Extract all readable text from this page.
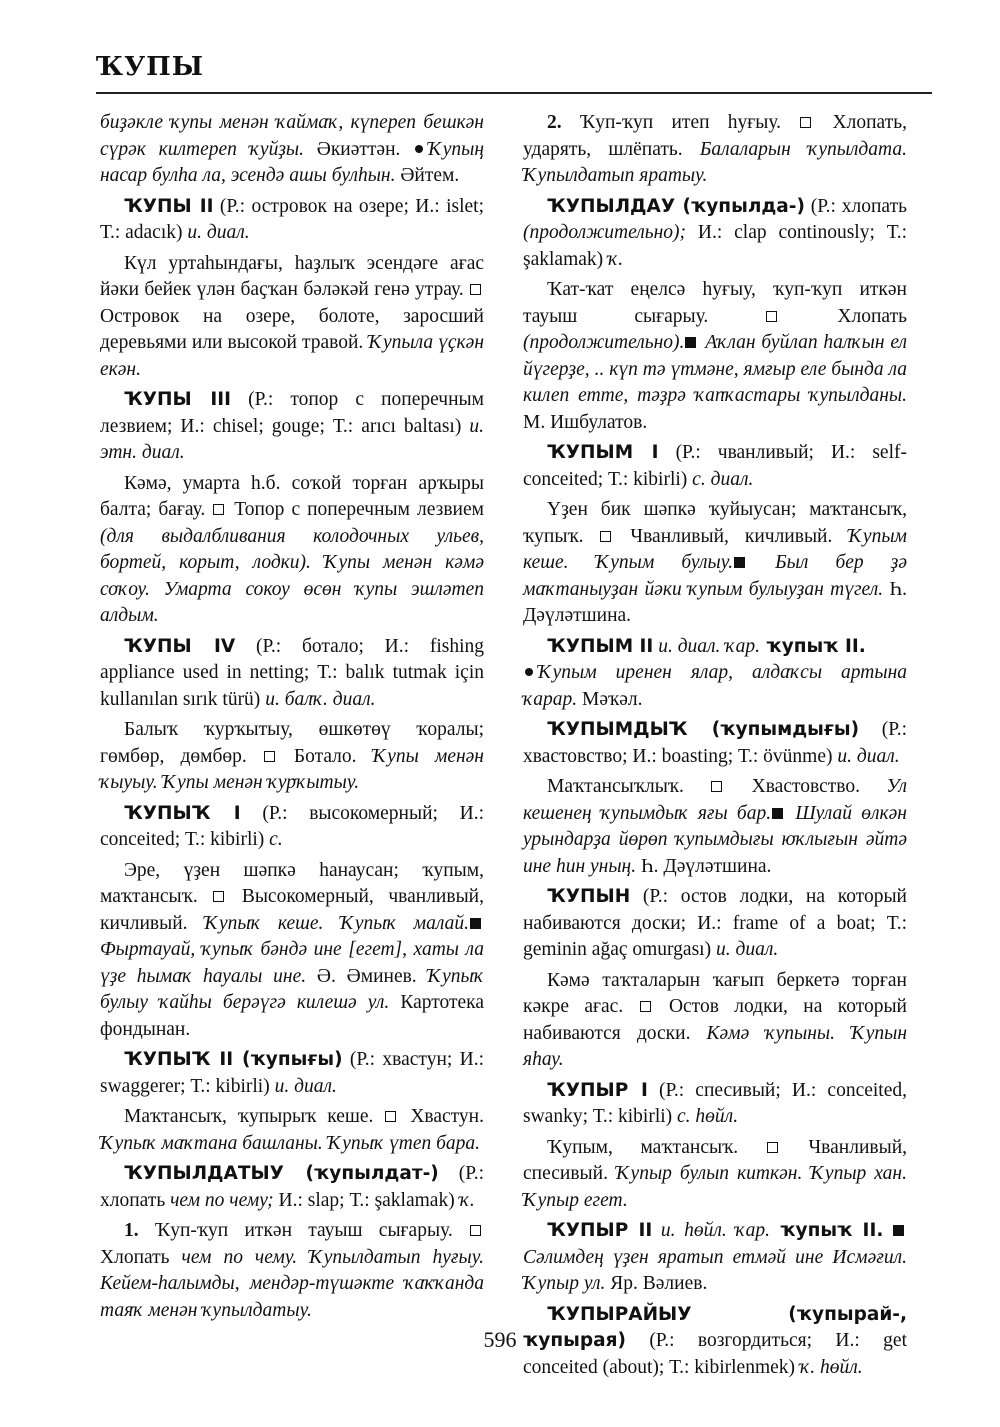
ҠУПЫ

биҙәкле ҡупы менән ҡаймаҡ, күпереп бешкән сүрәк килтереп ҡуйҙы. Әкиәттән. Ҡупың насар булһа ла, эсендә ашы булһын. Әйтем.

ҠУПЫ II (Р.: островок на озере; И.: islet; Т.: adacık) и. диал.

Күл уртаһындағы, һаҙлыҡ эсендәге ағас йәки бейек үлән баҫҡан бәләкәй генә утрау.  Островок на озере, болоте, заросший деревьями или высокой травой. Ҡупыла үҫкән екән.

ҠУПЫ III (Р.: топор с поперечным лезвием; И.: chisel; gouge; Т.: arıcı baltası) и. этн. диал.

Кәмә, умарта һ.б. соҡой торған арҡыры балта; бағау.  Топор с поперечным лезвием (для выдалбливания колодочных ульев, бортей, корыт, лодки). Ҡупы менән кәмә соҡоу. Умарта сокоу өсөн ҡупы эшләтеп алдым.

ҠУПЫ IV (Р.: ботало; И.: fishing appliance used in netting; Т.: balık tutmak için kullanılan sırık türü) и. балҡ. диал.

Балыҡ ҡурҡытыу, өшкөтөү ҡоралы; гөмбөр, дөмбөр.  Ботало. Ҡупы менән ҡыуыу. Ҡупы менән ҡурҡытыу.

ҠУПЫҠ I (Р.: высокомерный; И.: conceited; Т.: kibirli) с.

Эре, үҙен шәпкә һанаусан; ҡупым, маҡтансыҡ.  Высокомерный, чванливый, кичливый. Ҡупыҡ кеше. Ҡупыҡ малай. Фыртауай, ҡупыҡ бәндә ине [егет], хаты ла үҙе һымаҡ һауалы ине. Ә. Әминев. Ҡупыҡ булыу ҡайһы берәүгә килешә ул. Картотека фондынан.

ҠУПЫҠ II (ҡупығы) (Р.: хвастун; И.: swaggerer; Т.: kibirli) и. диал.

Маҡтансыҡ, ҡупырыҡ кеше.  Хвастун. Ҡупыҡ маҡтана башланы. Ҡупыҡ үтеп бара.

ҠУПЫЛДАТЫУ (ҡупылдат-) (Р.: хлопать чем по чему; И.: slap; Т.: şaklamak) ҡ.

1. Ҡуп-ҡуп иткән тауыш сығарыу.  Хлопать чем по чему. Ҡупылдатып һуғыу. Кейем-һалымды, мендәр-түшәкте ҡаҡҡанда таяҡ менән ҡупылдатыу.

2. Ҡуп-ҡуп итеп һуғыу.  Хлопать, ударять, шлёпать. Балаларын ҡупылдата. Ҡупылдатып яратыу.

ҠУПЫЛДАУ (ҡупылда-) (Р.: хлопать (продолжительно); И.: clap continously; Т.: şaklamak) ҡ.

Ҡат-ҡат еңелсә һуғыу, ҡуп-ҡуп иткән тауыш сығарыу.  Хлопать (продолжительно). Аҡлан буйлап һалҡын ел йүгерҙе, .. күп тә үтмәне, ямғыр еле бында ла килеп етте, тәҙрә ҡапҡастары ҡупылданы. М. Ишбулатов.

ҠУПЫМ I (Р.: чванливый; И.: self-conceited; Т.: kibirli) с. диал.

Үҙен бик шәпкә ҡуйыусан; маҡтансыҡ, ҡупыҡ.  Чванливый, кичливый. Ҡупым кеше. Ҡупым булыу. Был бер ҙә маҡтаныуҙан йәки ҡупым булыуҙан түгел. Һ. Дәүләтшина.

ҠУПЫМ II и. диал. ҡар. ҡупыҡ II.
Ҡупым иренен ялар, алдаҡсы артына ҡарар. Мәҡәл.

ҠУПЫМДЫҠ (ҡупымдығы) (Р.: хвастовство; И.: boasting; Т.: övünme) и. диал.

Маҡтансыҡлыҡ.  Хвастовство. Ул кешенең ҡупымдыҡ яғы бар. Шулай өлкән урындарҙа йөрөп ҡупымдығы юҡлығын әйтә ине һин уның. Һ. Дәүләтшина.

ҠУПЫН (Р.: остов лодки, на который набиваются доски; И.: frame of a boat; Т.: geminin ağaç omurgası) и. диал.

Кәмә таҡталарын ҡағып беркетә торған кәкре ағас.  Остов лодки, на который набиваются доски. Кәмә ҡупыны. Ҡупын яһау.

ҠУПЫР I (Р.: спесивый; И.: conceited, swanky; Т.: kibirli) с. һөйл.

Ҡупым, маҡтансыҡ.  Чванливый, спесивый. Ҡупыр булып киткән. Ҡупыр хан. Ҡупыр егет.

ҠУПЫР II и. һөйл. ҡар. ҡупыҡ II.  Сәлимдең үҙен яратып етмәй ине Исмәғил. Ҡупыр ул. Яр. Вәлиев.

ҠУПЫРАЙЫУ (ҡупырай-, ҡупырая) (Р.: возгордиться; И.: get conceited (about); Т.: kibirlenmek) ҡ. һөйл.

596
